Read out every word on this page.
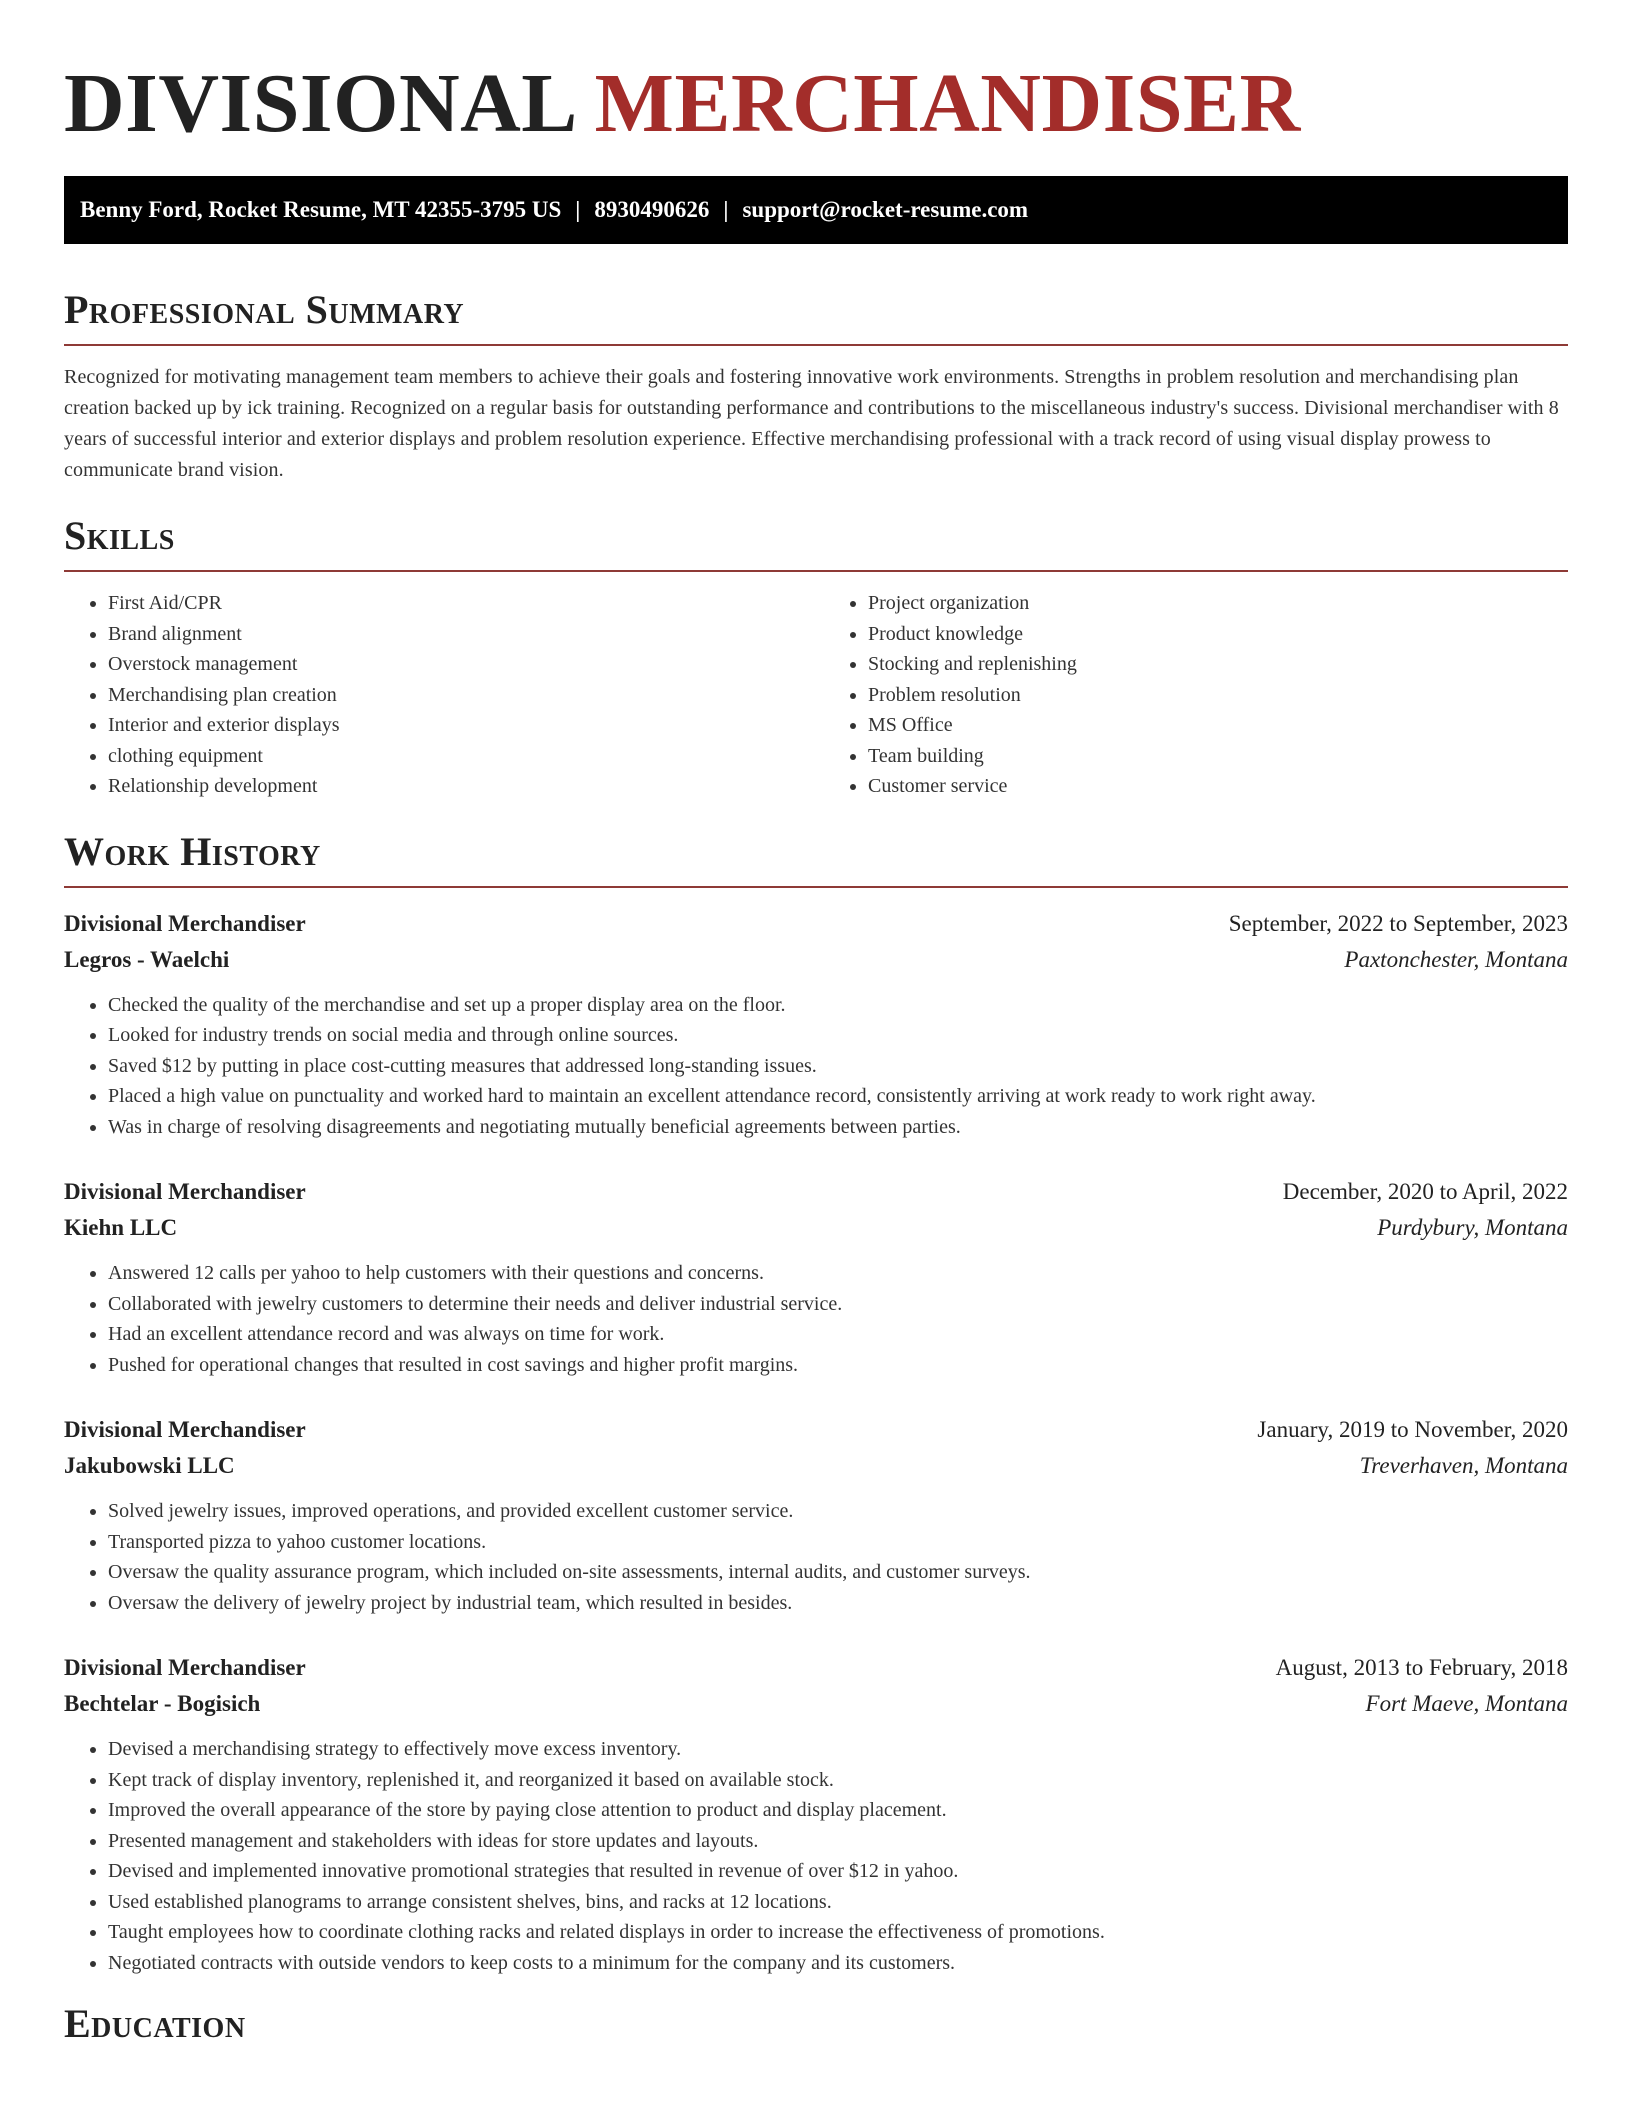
DIVISIONAL MERCHANDISER
Benny Ford, Rocket Resume, MT 42355-3795 US | 8930490626 | support@rocket-resume.com
Professional Summary

Recognized for motivating management team members to achieve their goals and fostering innovative work environments. Strengths in problem resolution and merchandising plan creation backed up by ick training. Recognized on a regular basis for outstanding performance and contributions to the miscellaneous industry's success. Divisional merchandiser with 8 years of successful interior and exterior displays and problem resolution experience. Effective merchandising professional with a track record of using visual display prowess to communicate brand vision.

Skills
• First Aid/CPR
• Brand alignment
• Overstock management
• Merchandising plan creation
• Interior and exterior displays
• clothing equipment
• Relationship development
• Project organization
• Product knowledge
• Stocking and replenishing
• Problem resolution
• MS Office
• Team building
• Customer service
Work History
Divisional Merchandiser	September, 2022 to September, 2023
Legros - Waelchi	Paxtonchester, Montana
• Checked the quality of the merchandise and set up a proper display area on the floor.
• Looked for industry trends on social media and through online sources.
• Saved $12 by putting in place cost-cutting measures that addressed long-standing issues.
• Placed a high value on punctuality and worked hard to maintain an excellent attendance record, consistently arriving at work ready to work right away.
• Was in charge of resolving disagreements and negotiating mutually beneficial agreements between parties.
Divisional Merchandiser	December, 2020 to April, 2022
Kiehn LLC	Purdybury, Montana
• Answered 12 calls per yahoo to help customers with their questions and concerns.
• Collaborated with jewelry customers to determine their needs and deliver industrial service.
• Had an excellent attendance record and was always on time for work.
• Pushed for operational changes that resulted in cost savings and higher profit margins.
Divisional Merchandiser	January, 2019 to November, 2020
Jakubowski LLC	Treverhaven, Montana
• Solved jewelry issues, improved operations, and provided excellent customer service.
• Transported pizza to yahoo customer locations.
• Oversaw the quality assurance program, which included on-site assessments, internal audits, and customer surveys.
• Oversaw the delivery of jewelry project by industrial team, which resulted in besides.
Divisional Merchandiser	August, 2013 to February, 2018
Bechtelar - Bogisich	Fort Maeve, Montana
• Devised a merchandising strategy to effectively move excess inventory.
• Kept track of display inventory, replenished it, and reorganized it based on available stock.
• Improved the overall appearance of the store by paying close attention to product and display placement.
• Presented management and stakeholders with ideas for store updates and layouts.
• Devised and implemented innovative promotional strategies that resulted in revenue of over $12 in yahoo.
• Used established planograms to arrange consistent shelves, bins, and racks at 12 locations.
• Taught employees how to coordinate clothing racks and related displays in order to increase the effectiveness of promotions.
• Negotiated contracts with outside vendors to keep costs to a minimum for the company and its customers.
Education
